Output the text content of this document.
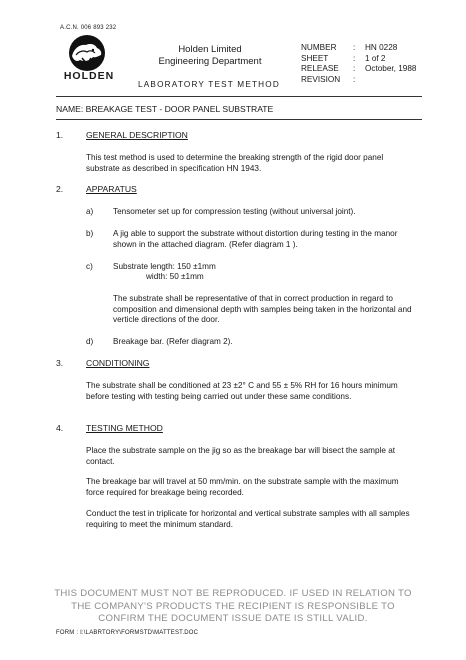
A.C.N. 006 893 232
HOLDEN
Holden Limited
Engineering Department
LABORATORY TEST METHOD
NUMBER	:	HN 0228
SHEET	:	1 of 2
RELEASE	:	October, 1988
REVISION	:
NAME: BREAKAGE TEST - DOOR PANEL SUBSTRATE
1.	GENERAL DESCRIPTION
This test method is used to determine the breaking strength of the rigid door panel substrate as described in specification HN 1943.
2.	APPARATUS
a) Tensometer set up for compression testing (without universal joint).
b) A jig able to support the substrate without distortion during testing in the manor shown in the attached diagram. (Refer diagram 1 ).
c) Substrate length: 150 ±1mm
width: 50 ±1mm
The substrate shall be representative of that in correct production in regard to composition and dimensional depth with samples being taken in the horizontal and verticle directions of the door.
d) Breakage bar. (Refer diagram 2).
3.	CONDITIONING
The substrate shall be conditioned at 23 ±2° C and 55 ± 5% RH for 16 hours minimum before testing with testing being carried out under these same conditions.
4.	TESTING METHOD
Place the substrate sample on the jig so as the breakage bar will bisect the sample at contact.
The breakage bar will travel at 50 mm/min. on the substrate sample with the maximum force required for breakage being recorded.
Conduct the test in triplicate for horizontal and vertical substrate samples with all samples requiring to meet the minimum standard.
THIS DOCUMENT MUST NOT BE REPRODUCED. IF USED IN RELATION TO
THE COMPANY'S PRODUCTS THE RECIPIENT IS RESPONSIBLE TO
CONFIRM THE DOCUMENT ISSUE DATE IS STILL VALID.
FORM : I:\LABRTORY\FORMSTD\MATTEST.DOC
